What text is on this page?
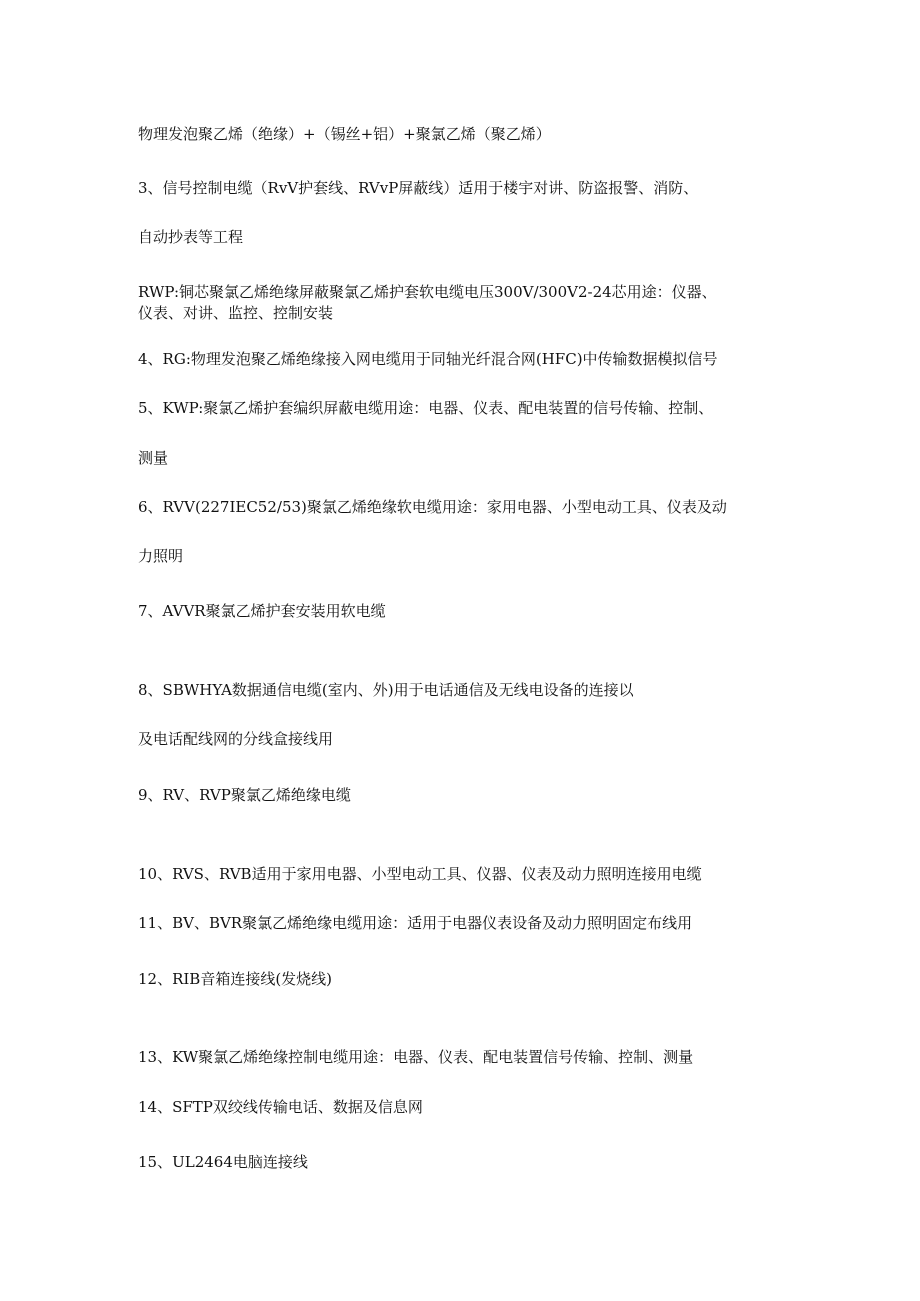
物理发泡聚乙烯（绝缘）+（锡丝+铝）+聚氯乙烯（聚乙烯）

3、信号控制电缆（RvV护套线、RVvP屏蔽线）适用于楼宇对讲、防盗报警、消防、

自动抄表等工程

RWP:铜芯聚氯乙烯绝缘屏蔽聚氯乙烯护套软电缆电压300V/300V2-24芯用途：仪器、

仪表、对讲、监控、控制安装

4、RG:物理发泡聚乙烯绝缘接入网电缆用于同轴光纤混合网(HFC)中传输数据模拟信号

5、KWP:聚氯乙烯护套编织屏蔽电缆用途：电器、仪表、配电装置的信号传输、控制、

测量

6、RVV(227IEC52/53)聚氯乙烯绝缘软电缆用途：家用电器、小型电动工具、仪表及动

力照明

7、AVVR聚氯乙烯护套安装用软电缆

8、SBWHYA数据通信电缆(室内、外)用于电话通信及无线电设备的连接以

及电话配线网的分线盒接线用

9、RV、RVP聚氯乙烯绝缘电缆

10、RVS、RVB适用于家用电器、小型电动工具、仪器、仪表及动力照明连接用电缆

11、BV、BVR聚氯乙烯绝缘电缆用途：适用于电器仪表设备及动力照明固定布线用

12、RIB音箱连接线(发烧线)

13、KW聚氯乙烯绝缘控制电缆用途：电器、仪表、配电装置信号传输、控制、测量

14、SFTP双绞线传输电话、数据及信息网

15、UL2464电脑连接线
